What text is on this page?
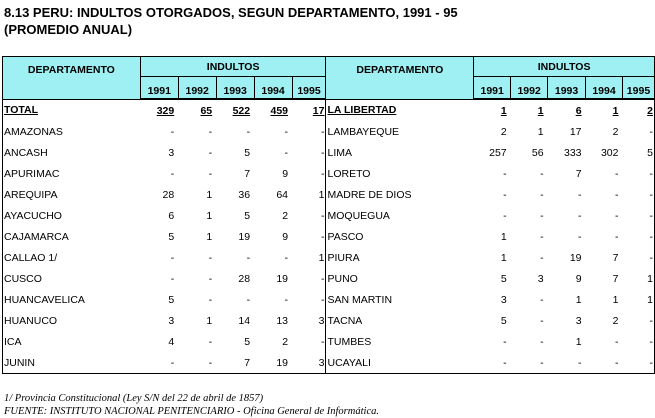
8.13 PERU: INDULTOS OTORGADOS, SEGUN DEPARTAMENTO, 1991 - 95
(PROMEDIO ANUAL)
DEPARTAMENTO	INDULTOS					DEPARTAMENTO	INDULTOS				
	1991	1992	1993	1994	1995		1991	1992	1993	1994	1995
TOTAL	329	65	522	459	17	LA LIBERTAD	1	1	6	1	2
AMAZONAS	-	-	-	-	-	LAMBAYEQUE	2	1	17	2	-
ANCASH	3	-	5	-	-	LIMA	257	56	333	302	5
APURIMAC	-	-	7	9	-	LORETO	-	-	7	-	-
AREQUIPA	28	1	36	64	1	MADRE DE DIOS	-	-	-	-	-
AYACUCHO	6	1	5	2	-	MOQUEGUA	-	-	-	-	-
CAJAMARCA	5	1	19	9	-	PASCO	1	-	-	-	-
CALLAO 1/	-	-	-	-	1	PIURA	1	-	19	7	-
CUSCO	-	-	28	19	-	PUNO	5	3	9	7	1
HUANCAVELICA	5	-	-	-	-	SAN MARTIN	3	-	1	1	1
HUANUCO	3	1	14	13	3	TACNA	5	-	3	2	-
ICA	4	-	5	2	-	TUMBES	-	-	1	-	-
JUNIN	-	-	7	19	3	UCAYALI	-	-	-	-	-
1/ Provincia Constitucional (Ley S/N del 22 de abril de 1857)
FUENTE: INSTITUTO NACIONAL PENITENCIARIO - Oficina General de Informática.
